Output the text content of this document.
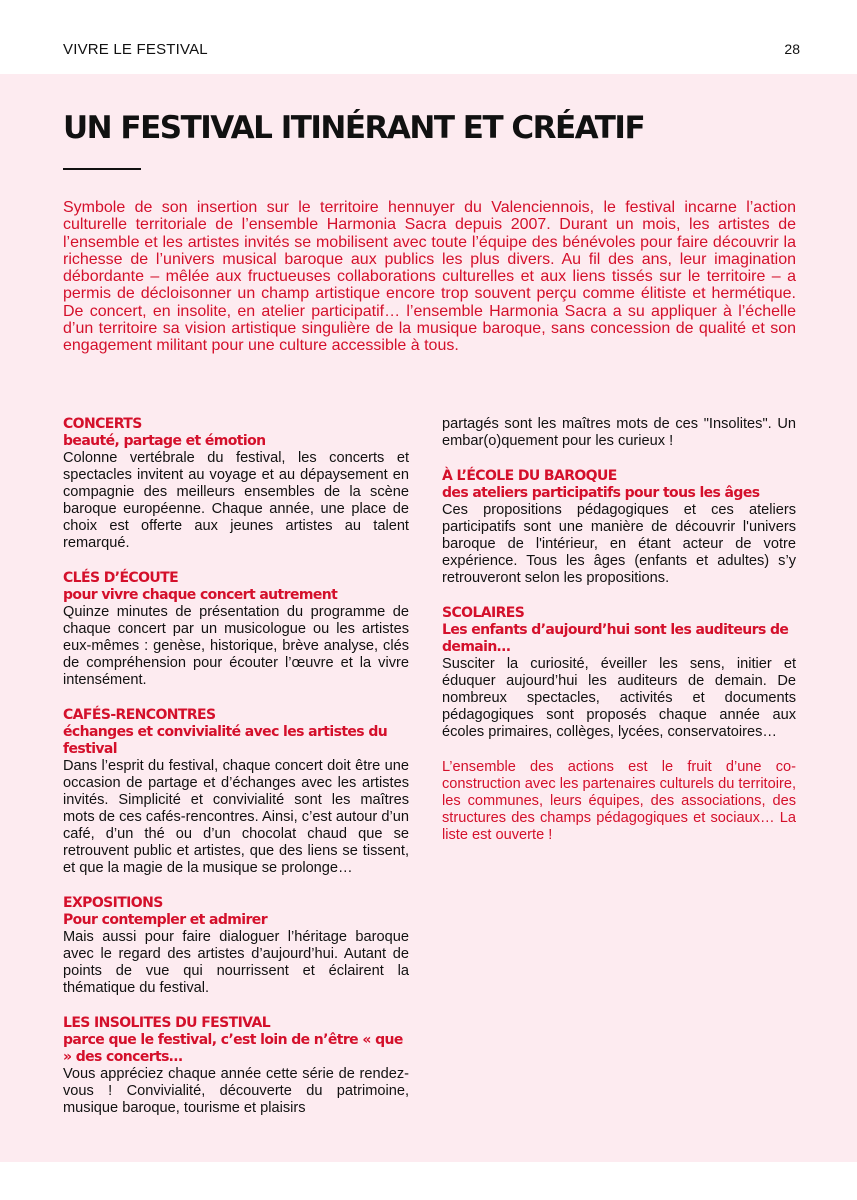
VIVRE LE FESTIVAL	28
UN FESTIVAL ITINÉRANT ET CRÉATIF

Symbole de son insertion sur le territoire hennuyer du Valenciennois, le festival incarne l’action culturelle territoriale de l’ensemble Harmonia Sacra depuis 2007. Durant un mois, les artistes de l’ensemble et les artistes invités se mobilisent avec toute l’équipe des bénévoles pour faire découvrir la richesse de l’univers musical baroque aux publics les plus divers. Au fil des ans, leur imagination débordante – mêlée aux fructueuses collaborations culturelles et aux liens tissés sur le territoire – a permis de décloisonner un champ artistique encore trop souvent perçu comme élitiste et hermétique. De concert, en insolite, en atelier participatif… l’ensemble Harmonia Sacra a su appliquer à l’échelle d’un territoire sa vision artistique singulière de la musique baroque, sans concession de qualité et son engagement militant pour une culture accessible à tous.

CONCERTS
beauté, partage et émotion

Colonne vertébrale du festival, les concerts et spectacles invitent au voyage et au dépaysement en compagnie des meilleurs ensembles de la scène baroque européenne. Chaque année, une place de choix est offerte aux jeunes artistes au talent remarqué.

CLÉS D’ÉCOUTE
pour vivre chaque concert autrement

Quinze minutes de présentation du programme de chaque concert par un musicologue ou les artistes eux-mêmes : genèse, historique, brève analyse, clés de compréhension pour écouter l’œuvre et la vivre intensément.

CAFÉS-RENCONTRES
échanges et convivialité avec les artistes du festival

Dans l’esprit du festival, chaque concert doit être une occasion de partage et d’échanges avec les artistes invités. Simplicité et convivialité sont les maîtres mots de ces cafés-rencontres. Ainsi, c’est autour d’un café, d’un thé ou d’un chocolat chaud que se retrouvent public et artistes, que des liens se tissent, et que la magie de la musique se prolonge…

EXPOSITIONS
Pour contempler et admirer

Mais aussi pour faire dialoguer l’héritage baroque avec le regard des artistes d’aujourd’hui. Autant de points de vue qui nourrissent et éclairent la thématique du festival.

LES INSOLITES DU FESTIVAL
parce que le festival, c’est loin de n’être « que » des concerts…

Vous appréciez chaque année cette série de rendez-vous ! Convivialité, découverte du patrimoine, musique baroque, tourisme et plaisirs

partagés sont les maîtres mots de ces "Insolites". Un embar(o)quement pour les curieux !

À L’ÉCOLE DU BAROQUE
des ateliers participatifs pour tous les âges

Ces propositions pédagogiques et ces ateliers participatifs sont une manière de découvrir l'univers baroque de l'intérieur, en étant acteur de votre expérience. Tous les âges (enfants et adultes) s’y retrouveront selon les propositions.

SCOLAIRES
Les enfants d’aujourd’hui sont les auditeurs de demain…

Susciter la curiosité, éveiller les sens, initier et éduquer aujourd’hui les auditeurs de demain. De nombreux spectacles, activités et documents pédagogiques sont proposés chaque année aux écoles primaires, collèges, lycées, conservatoires…

L’ensemble des actions est le fruit d’une co-construction avec les partenaires culturels du territoire, les communes, leurs équipes, des associations, des structures des champs pédagogiques et sociaux… La liste est ouverte !
